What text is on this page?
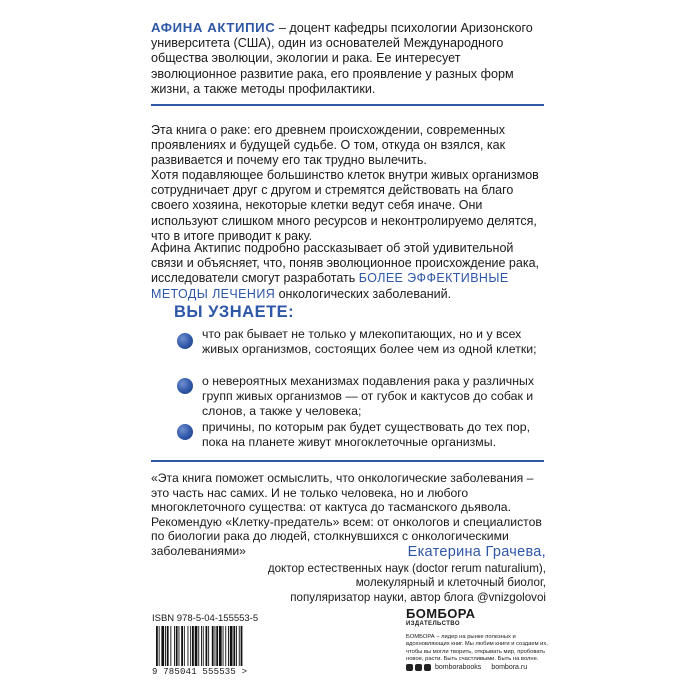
АФИНА АКТИПИС – доцент кафедры психологии Аризонского университета (США), один из основателей Международного общества эволюции, экологии и рака. Ее интересует эволюционное развитие рака, его проявление у разных форм жизни, а также методы профилактики.
Эта книга о раке: его древнем происхождении, современных проявлениях и будущей судьбе. О том, откуда он взялся, как развивается и почему его так трудно вылечить.
Хотя подавляющее большинство клеток внутри живых организмов сотрудничает друг с другом и стремятся действовать на благо своего хозяина, некоторые клетки ведут себя иначе. Они используют слишком много ресурсов и неконтролируемо делятся, что в итоге приводит к раку.
Афина Актипис подробно рассказывает об этой удивительной связи и объясняет, что, поняв эволюционное происхождение рака, исследователи смогут разработать БОЛЕЕ ЭФФЕКТИВНЫЕ МЕТОДЫ ЛЕЧЕНИЯ онкологических заболеваний.
ВЫ УЗНАЕТЕ:
что рак бывает не только у млекопитающих, но и у всех живых организмов, состоящих более чем из одной клетки;
о невероятных механизмах подавления рака у различных групп живых организмов — от губок и кактусов до собак и слонов, а также у человека;
причины, по которым рак будет существовать до тех пор, пока на планете живут многоклеточные организмы.
«Эта книга поможет осмыслить, что онкологические заболевания – это часть нас самих. И не только человека, но и любого многоклеточного существа: от кактуса до тасманского дьявола. Рекомендую «Клетку-предатель» всем: от онкологов и специалистов по биологии рака до людей, столкнувшихся с онкологическими заболеваниями»	Екатерина Грачева,
доктор естественных наук (doctor rerum naturalium),
молекулярный и клеточный биолог,
популяризатор науки, автор блога @vnizgolovoi
ISBN 978-5-04-155553-5
9 785041 555535 >
БОМБОРА
ИЗДАТЕЛЬСТВО
БОМБОРА – лидер на рынке полезных и вдохновляющих книг. Мы любим книги и создаем их, чтобы вы могли творить, открывать мир, пробовать новое, расти. Быть счастливыми. Быть на волне.
bomborabooks bombora.ru
